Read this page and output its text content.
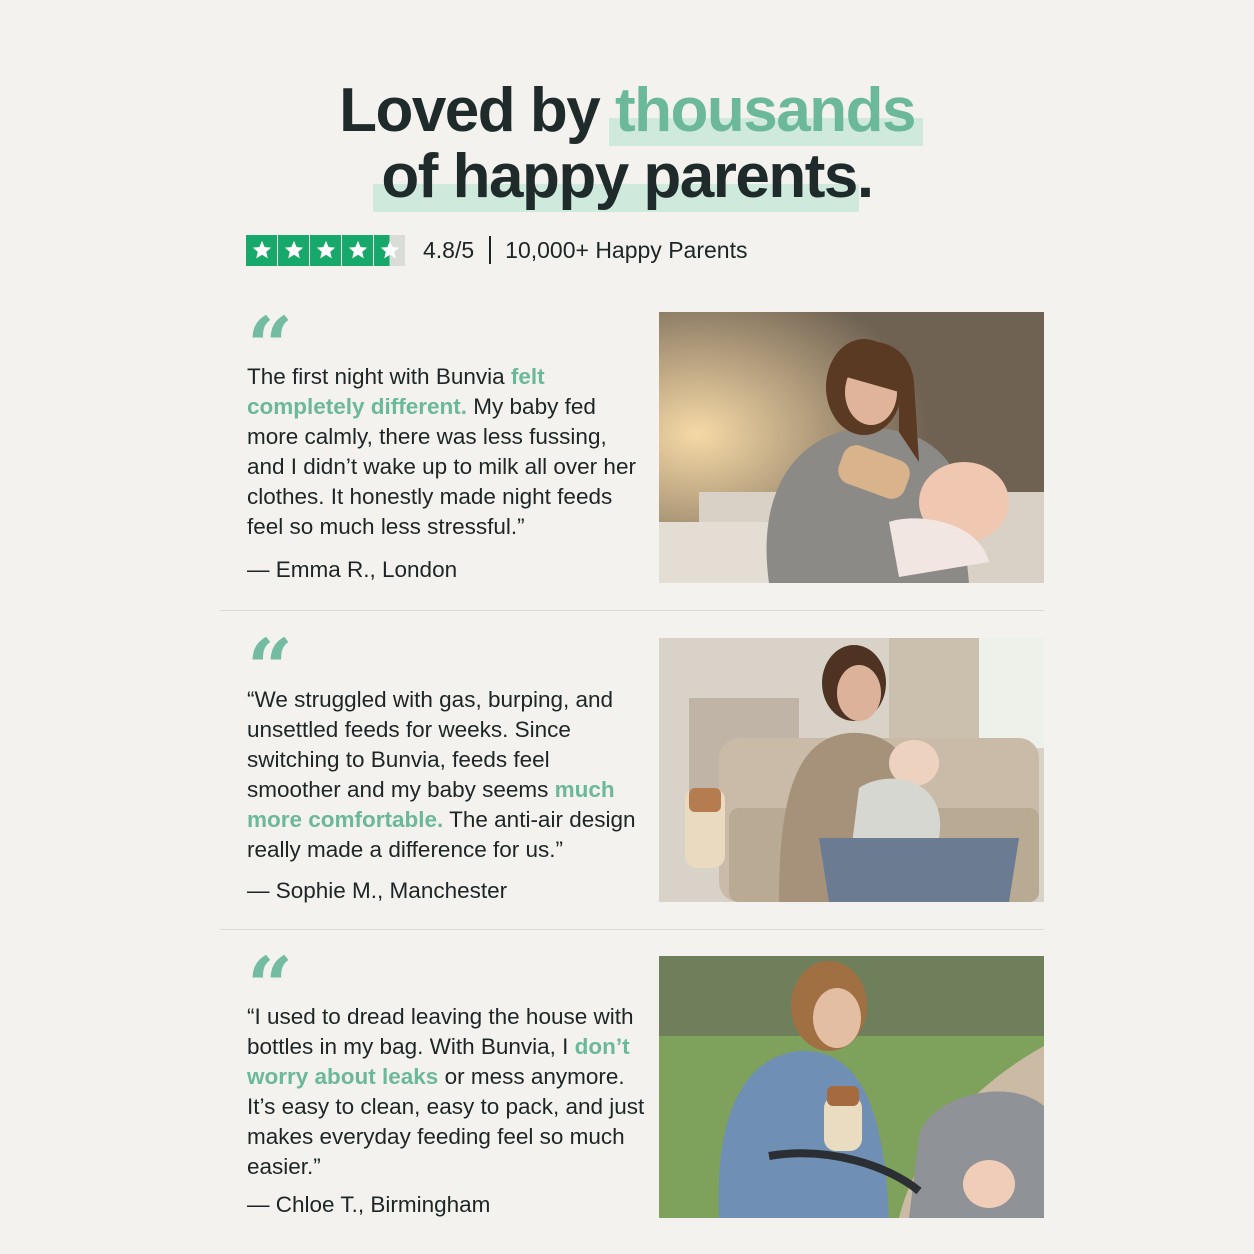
Loved by thousands
of happy parents.
4.8/5 10,000+ Happy Parents
“
The first night with Bunvia felt completely different. My baby fed more calmly, there was less fussing, and I didn’t wake up to milk all over her clothes. It honestly made night feeds feel so much less stressful.”
— Emma R., London
“
“We struggled with gas, burping, and unsettled feeds for weeks. Since switching to Bunvia, feeds feel smoother and my baby seems much more comfortable. The anti-air design really made a difference for us.”
— Sophie M., Manchester
“
“I used to dread leaving the house with bottles in my bag. With Bunvia, I don’t worry about leaks or mess anymore. It’s easy to clean, easy to pack, and just makes everyday feeding feel so much easier.”
— Chloe T., Birmingham
